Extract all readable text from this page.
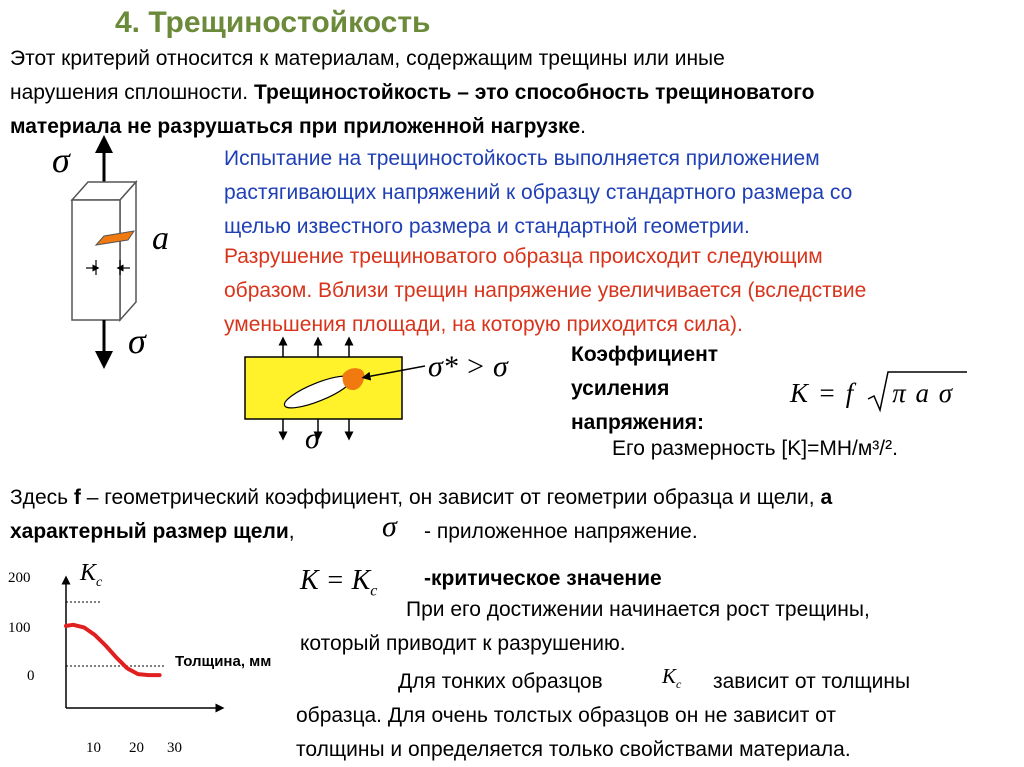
4. Трещиностойкость
Этот критерий относится к материалам, содержащим трещины или иные
нарушения сплошности. Трещиностойкость – это способность трещиноватого
материала не разрушаться при приложенной нагрузке.
Испытание на трещиностойкость выполняется приложением
растягивающих напряжений к образцу стандартного размера со
щелью известного размера и стандартной геометрии.
Разрушение трещиноватого образца происходит следующим
образом. Вблизи трещин напряжение увеличивается (вследствие
уменьшения площади, на которую приходится сила).
σ
a
σ
σ
σ* > σ	Коэффициент
усиления
напряжения:
K = f    π a σ
Его размерность [K]=МН/м³/².
Здесь f – геометрический коэффициент, он зависит от геометрии образца и щели, a
характерный размер щели,	σ - приложенное напряжение.
$K = K_c$
-критическое значение
При его достижении начинается рост трещины,
который приводит к разрушению.
Для тонких образцов	$K_c$ зависит от толщины
образца. Для очень толстых образцов он не зависит от
толщины и определяется только свойствами материала.
$K_c$
200
100
0
10 20 30
Толщина, мм
